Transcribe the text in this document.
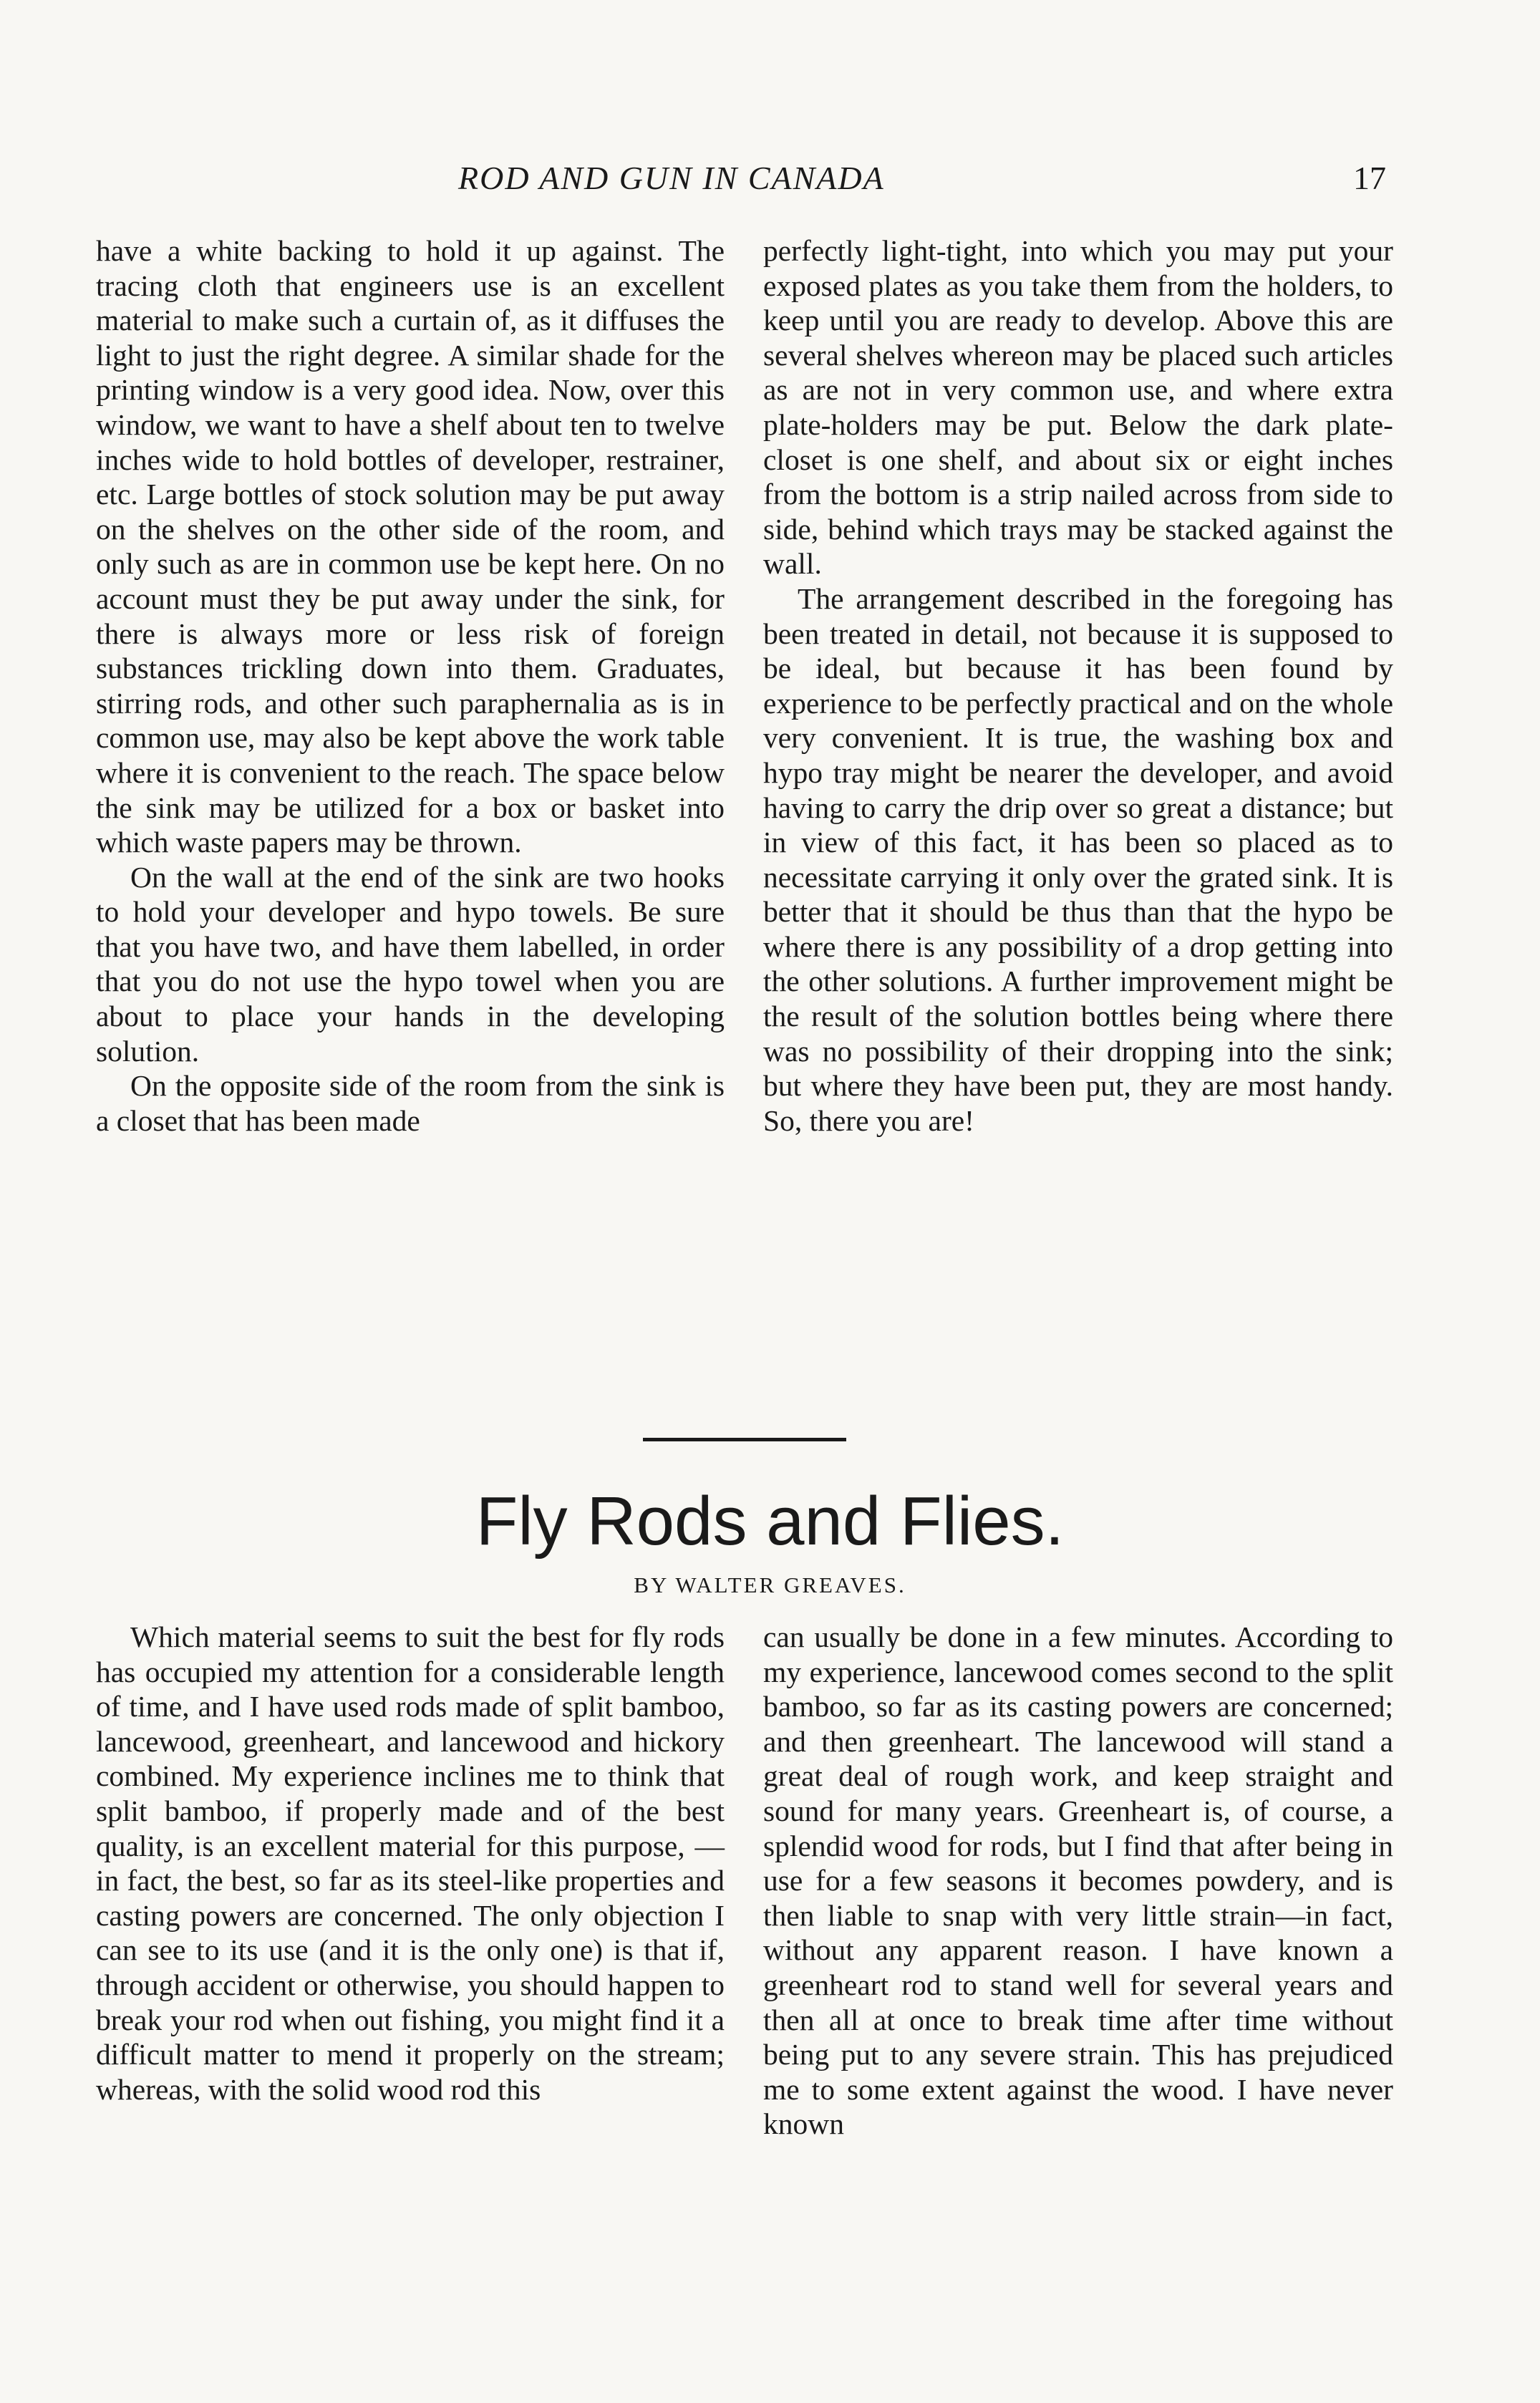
ROD AND GUN IN CANADA	17

have a white backing to hold it up against. The tracing cloth that engineers use is an excellent material to make such a curtain of, as it diffuses the light to just the right degree. A similar shade for the printing window is a very good idea. Now, over this window, we want to have a shelf about ten to twelve inches wide to hold bottles of developer, restrainer, etc. Large bottles of stock solution may be put away on the shelves on the other side of the room, and only such as are in common use be kept here. On no account must they be put away under the sink, for there is always more or less risk of foreign substances trickling down into them. Graduates, stirring rods, and other such paraphernalia as is in common use, may also be kept above the work table where it is convenient to the reach. The space below the sink may be utilized for a box or basket into which waste papers may be thrown.

On the wall at the end of the sink are two hooks to hold your developer and hypo towels. Be sure that you have two, and have them labelled, in order that you do not use the hypo towel when you are about to place your hands in the developing solution.

On the opposite side of the room from the sink is a closet that has been made

perfectly light-tight, into which you may put your exposed plates as you take them from the holders, to keep until you are ready to develop. Above this are several shelves whereon may be placed such articles as are not in very common use, and where extra plate-holders may be put. Below the dark plate-closet is one shelf, and about six or eight inches from the bottom is a strip nailed across from side to side, behind which trays may be stacked against the wall.

The arrangement described in the foregoing has been treated in detail, not because it is supposed to be ideal, but because it has been found by experience to be perfectly practical and on the whole very convenient. It is true, the washing box and hypo tray might be nearer the developer, and avoid having to carry the drip over so great a distance; but in view of this fact, it has been so placed as to necessitate carrying it only over the grated sink. It is better that it should be thus than that the hypo be where there is any possibility of a drop getting into the other solutions. A further improvement might be the result of the solution bottles being where there was no possibility of their dropping into the sink; but where they have been put, they are most handy. So, there you are!

Fly Rods and Flies.
BY WALTER GREAVES.

Which material seems to suit the best for fly rods has occupied my attention for a considerable length of time, and I have used rods made of split bamboo, lancewood, greenheart, and lancewood and hickory combined. My experience inclines me to think that split bamboo, if properly made and of the best quality, is an excellent material for this purpose, —in fact, the best, so far as its steel-like properties and casting powers are concerned. The only objection I can see to its use (and it is the only one) is that if, through accident or otherwise, you should happen to break your rod when out fishing, you might find it a difficult matter to mend it properly on the stream; whereas, with the solid wood rod this

can usually be done in a few minutes. According to my experience, lancewood comes second to the split bamboo, so far as its casting powers are concerned; and then greenheart. The lancewood will stand a great deal of rough work, and keep straight and sound for many years. Greenheart is, of course, a splendid wood for rods, but I find that after being in use for a few seasons it becomes powdery, and is then liable to snap with very little strain—in fact, without any apparent reason. I have known a greenheart rod to stand well for several years and then all at once to break time after time without being put to any severe strain. This has prejudiced me to some extent against the wood. I have never known
